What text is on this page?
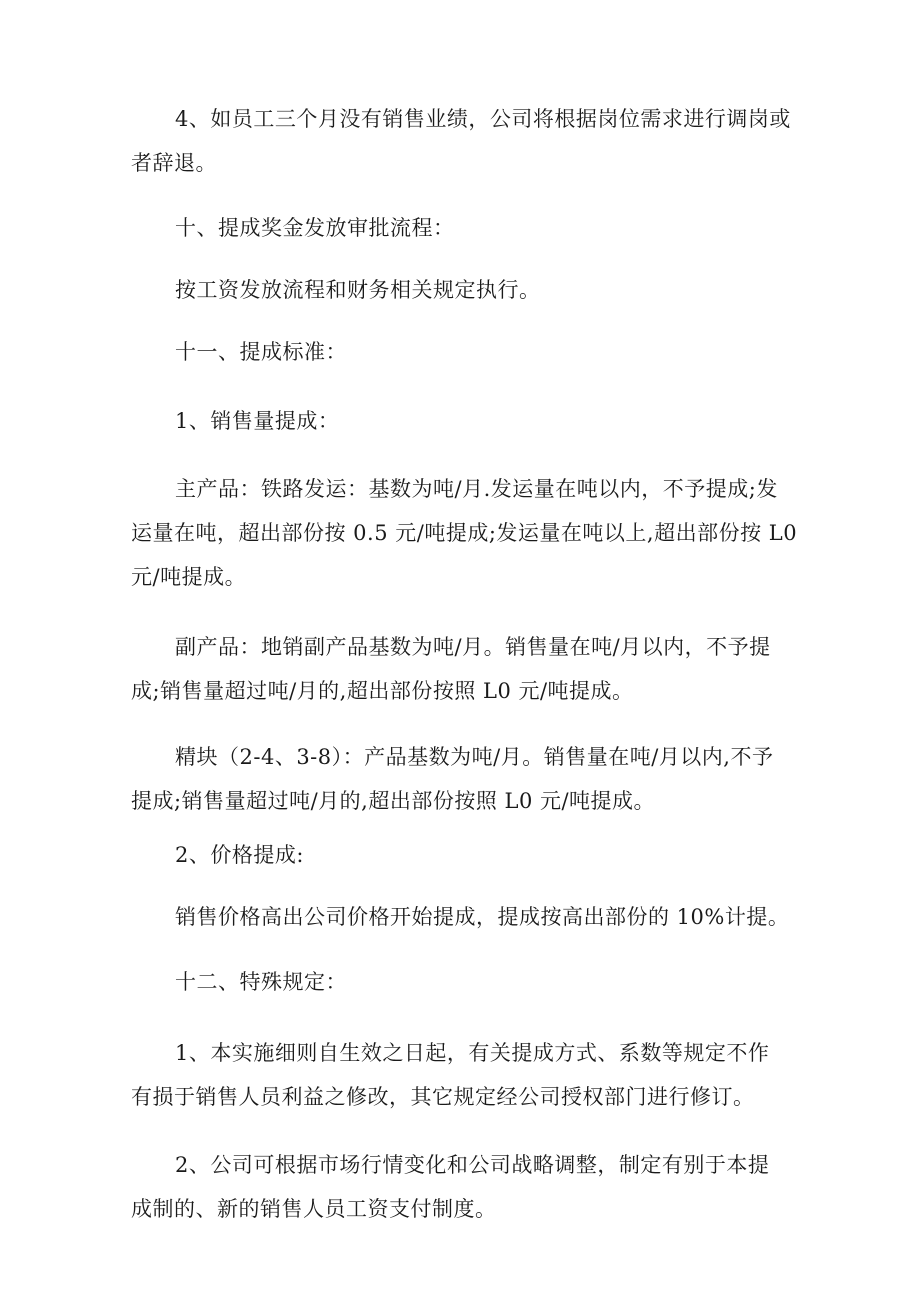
4、如员工三个月没有销售业绩，公司将根据岗位需求进行调岗或
者辞退。

十、提成奖金发放审批流程：

按工资发放流程和财务相关规定执行。

十一、提成标准：

1、销售量提成：

主产品：铁路发运：基数为吨/月.发运量在吨以内，不予提成;发
运量在吨，超出部份按 0.5 元/吨提成;发运量在吨以上,超出部份按 L0
元/吨提成。

副产品：地销副产品基数为吨/月。销售量在吨/月以内，不予提
成;销售量超过吨/月的,超出部份按照 L0 元/吨提成。

精块（2-4、3-8）：产品基数为吨/月。销售量在吨/月以内,不予
提成;销售量超过吨/月的,超出部份按照 L0 元/吨提成。

2、价格提成:

销售价格高出公司价格开始提成，提成按高出部份的 10%计提。

十二、特殊规定：

1、本实施细则自生效之日起，有关提成方式、系数等规定不作
有损于销售人员利益之修改，其它规定经公司授权部门进行修订。

2、公司可根据市场行情变化和公司战略调整，制定有别于本提
成制的、新的销售人员工资支付制度。
